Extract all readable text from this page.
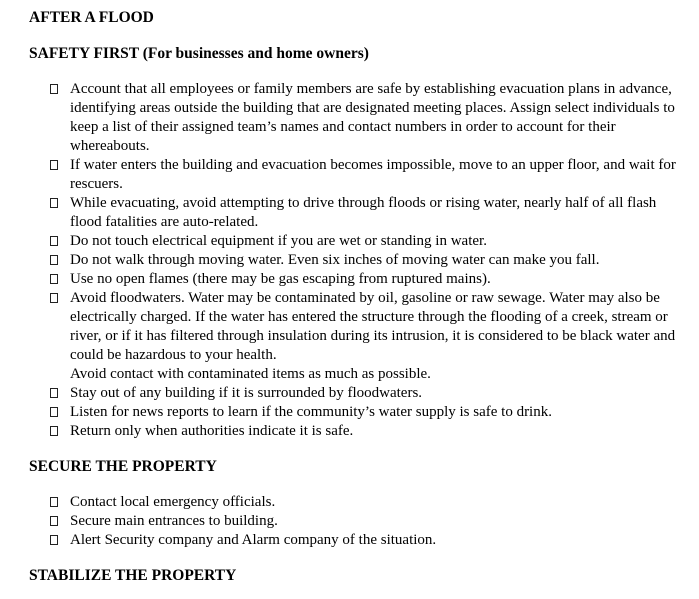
AFTER A FLOOD
SAFETY FIRST (For businesses and home owners)
Account that all employees or family members are safe by establishing evacuation plans in advance, identifying areas outside the building that are designated meeting places. Assign select individuals to keep a list of their assigned team’s names and contact numbers in order to account for their whereabouts.
If water enters the building and evacuation becomes impossible, move to an upper floor, and wait for rescuers.
While evacuating, avoid attempting to drive through floods or rising water, nearly half of all flash flood fatalities are auto-related.
Do not touch electrical equipment if you are wet or standing in water.
Do not walk through moving water. Even six inches of moving water can make you fall.
Use no open flames (there may be gas escaping from ruptured mains).
Avoid floodwaters. Water may be contaminated by oil, gasoline or raw sewage. Water may also be electrically charged. If the water has entered the structure through the flooding of a creek, stream or river, or if it has filtered through insulation during its intrusion, it is considered to be black water and could be hazardous to your health.
Avoid contact with contaminated items as much as possible.
Stay out of any building if it is surrounded by floodwaters.
Listen for news reports to learn if the community’s water supply is safe to drink.
Return only when authorities indicate it is safe.
SECURE THE PROPERTY
Contact local emergency officials.
Secure main entrances to building.
Alert Security company and Alarm company of the situation.
STABILIZE THE PROPERTY
